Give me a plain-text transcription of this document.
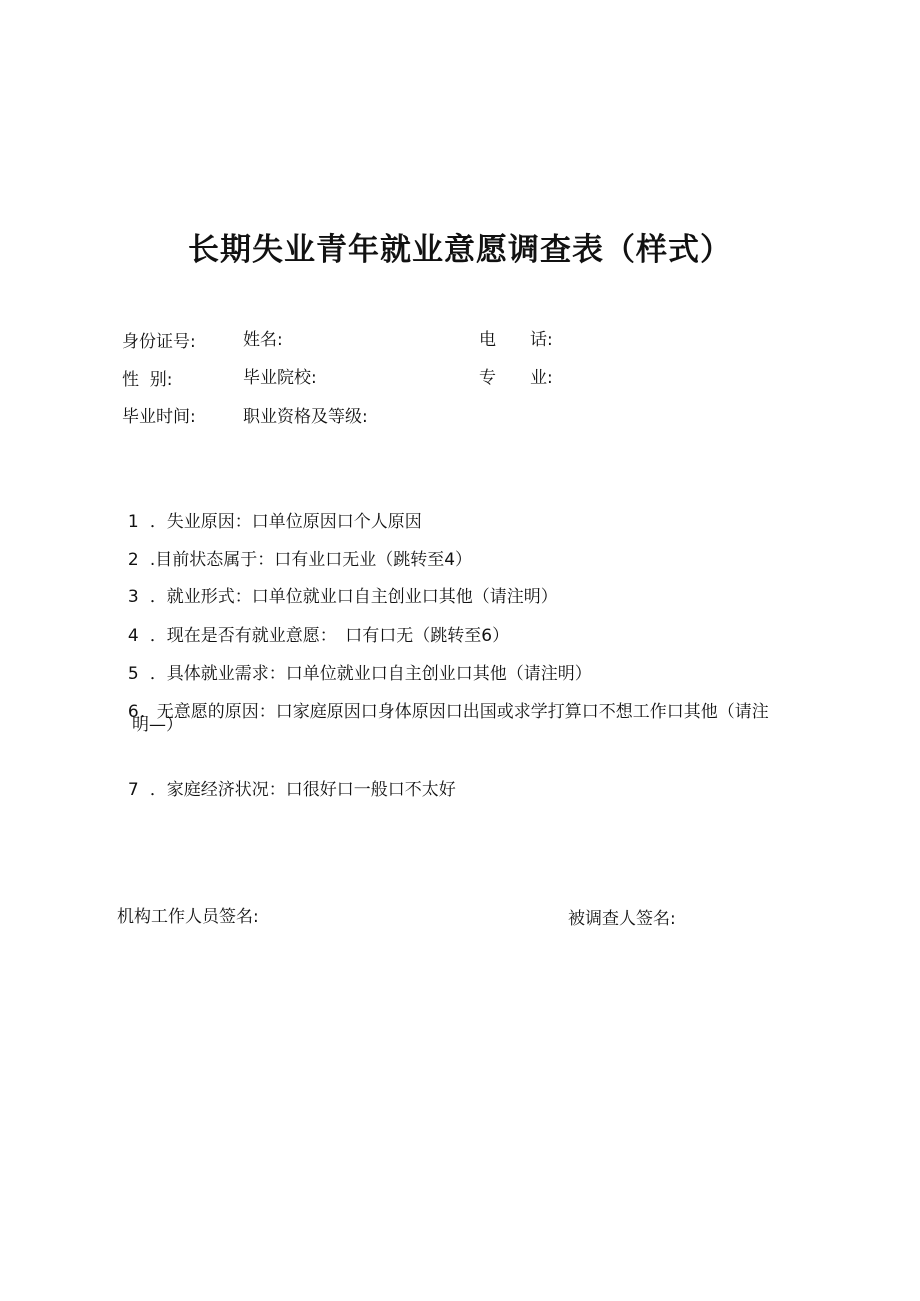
长期失业青年就业意愿调查表（样式）
身份证号:	姓名:	电　　话:
性  别:	毕业院校:	专　　业:
毕业时间:	职业资格及等级:

1 ．失业原因：口单位原因口个人原因

2 .目前状态属于：口有业口无业（跳转至4）

3 ．就业形式：口单位就业口自主创业口其他（请注明）

4 ．现在是否有就业意愿：　口有口无（跳转至6）

5 ．具体就业需求：口单位就业口自主创业口其他（请注明）

6．无意愿的原因：口家庭原因口身体原因口出国或求学打算口不想工作口其他（请注

明—）

7 ．家庭经济状况：口很好口一般口不太好

机构工作人员签名:	被调查人签名:
